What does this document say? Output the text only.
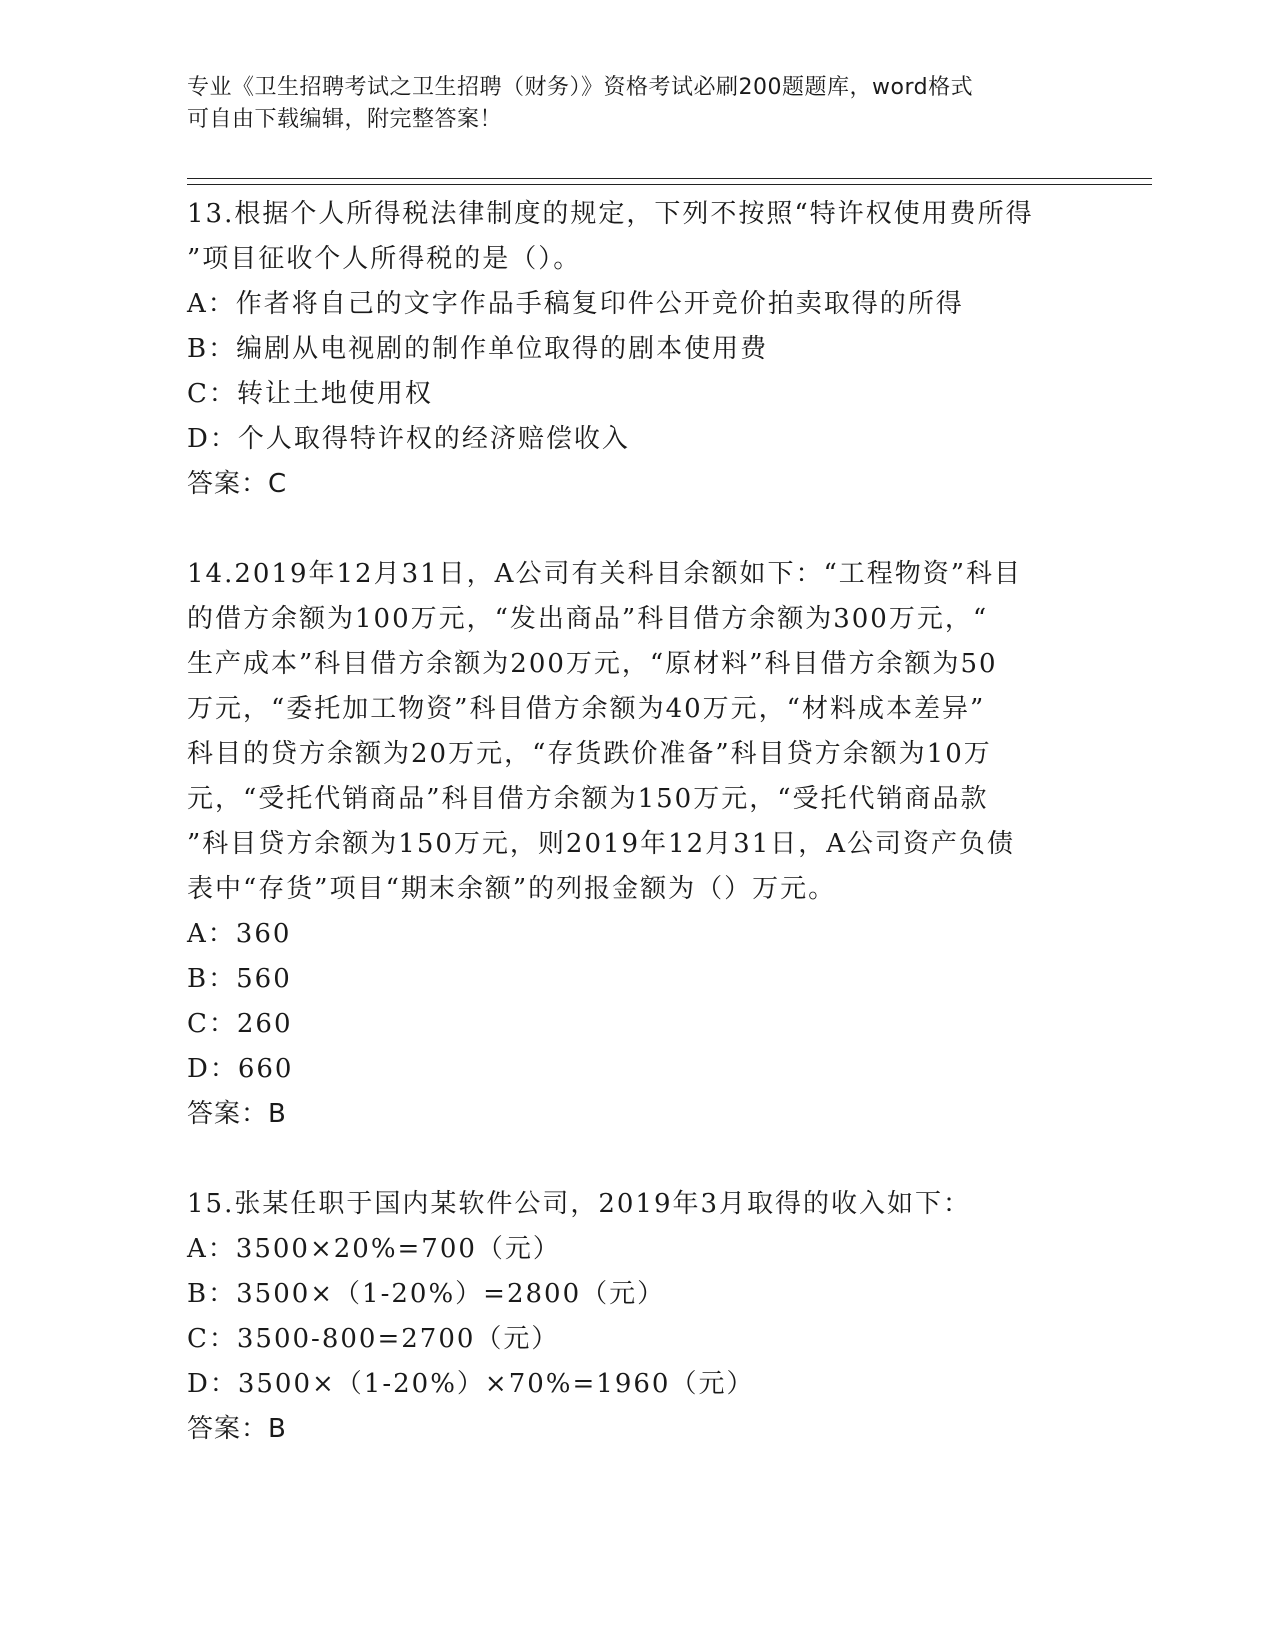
专业《卫生招聘考试之卫生招聘（财务）》资格考试必刷200题题库，word格式
可自由下载编辑，附完整答案！
13.根据个人所得税法律制度的规定，下列不按照“特许权使用费所得
”项目征收个人所得税的是（）。
A：作者将自己的文字作品手稿复印件公开竞价拍卖取得的所得
B：编剧从电视剧的制作单位取得的剧本使用费
C：转让土地使用权
D：个人取得特许权的经济赔偿收入
答案：C
14.2019年12月31日，A公司有关科目余额如下：“工程物资”科目
的借方余额为100万元，“发出商品”科目借方余额为300万元，“
生产成本”科目借方余额为200万元，“原材料”科目借方余额为50
万元，“委托加工物资”科目借方余额为40万元，“材料成本差异”
科目的贷方余额为20万元，“存货跌价准备”科目贷方余额为10万
元，“受托代销商品”科目借方余额为150万元，“受托代销商品款
”科目贷方余额为150万元，则2019年12月31日，A公司资产负债
表中“存货”项目“期末余额”的列报金额为（）万元。
A：360
B：560
C：260
D：660
答案：B
15.张某任职于国内某软件公司，2019年3月取得的收入如下：
A：3500×20%=700（元）
B：3500×（1-20%）=2800（元）
C：3500-800=2700（元）
D：3500×（1-20%）×70%=1960（元）
答案：B
